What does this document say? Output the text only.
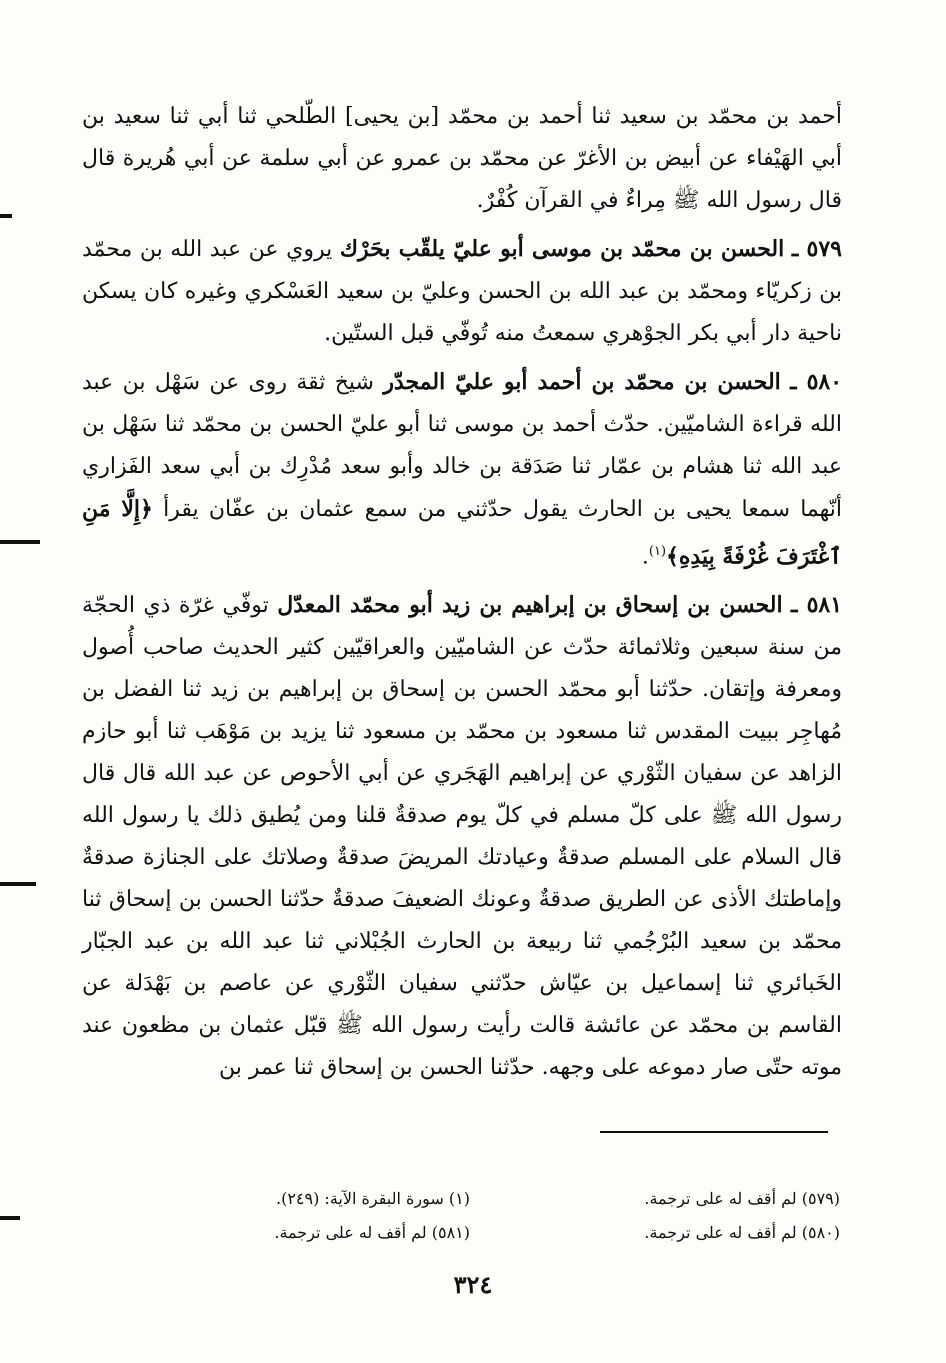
أحمد بن محمّد بن سعيد ثنا أحمد بن محمّد [بن يحيى] الطّلحي ثنا أبي ثنا سعيد بن أبي الهَيْفاء عن أبيض بن الأغرّ عن محمّد بن عمرو عن أبي سلمة عن أبي هُريرة قال قال رسول الله ﷺ مِراءٌ في القرآن كُفْرٌ.

٥٧٩ ـ الحسن بن محمّد بن موسى أبو عليّ يلقّب بحَرْك يروي عن عبد الله بن محمّد بن زكريّاء ومحمّد بن عبد الله بن الحسن وعليّ بن سعيد العَسْكري وغيره كان يسكن ناحية دار أبي بكر الجوْهري سمعتُ منه تُوفّي قبل الستّين.

٥٨٠ ـ الحسن بن محمّد بن أحمد أبو عليّ المجدّر شيخ ثقة روى عن سَهْل بن عبد الله قراءة الشاميّين. حدّث أحمد بن موسى ثنا أبو عليّ الحسن بن محمّد ثنا سَهْل بن عبد الله ثنا هشام بن عمّار ثنا صَدَقة بن خالد وأبو سعد مُدْرِك بن أبي سعد الفَزاري أنّهما سمعا يحيى بن الحارث يقول حدّثني من سمع عثمان بن عفّان يقرأ ﴿إِلَّا مَنِ ٱغْتَرَفَ غُرْفَةً بِيَدِهِ﴾$^{(١)}$.

٥٨١ ـ الحسن بن إسحاق بن إبراهيم بن زيد أبو محمّد المعدّل توفّي غرّة ذي الحجّة من سنة سبعين وثلاثمائة حدّث عن الشاميّين والعراقيّين كثير الحديث صاحب أُصول ومعرفة وإتقان. حدّثنا أبو محمّد الحسن بن إسحاق بن إبراهيم بن زيد ثنا الفضل بن مُهاجِر ببيت المقدس ثنا مسعود بن محمّد بن مسعود ثنا يزيد بن مَوْهَب ثنا أبو حازم الزاهد عن سفيان الثّوْري عن إبراهيم الهَجَري عن أبي الأحوص عن عبد الله قال قال رسول الله ﷺ على كلّ مسلم في كلّ يوم صدقةٌ قلنا ومن يُطيق ذلك يا رسول الله قال السلام على المسلم صدقةٌ وعيادتك المريضَ صدقةٌ وصلاتك على الجنازة صدقةٌ وإماطتك الأذى عن الطريق صدقةٌ وعونك الضعيفَ صدقةٌ حدّثنا الحسن بن إسحاق ثنا محمّد بن سعيد البُرْجُمي ثنا ربيعة بن الحارث الجُبْلاني ثنا عبد الله بن عبد الجبّار الخَبائري ثنا إسماعيل بن عيّاش حدّثني سفيان الثّوْري عن عاصم بن بَهْدَلة عن القاسم بن محمّد عن عائشة قالت رأيت رسول الله ﷺ قبّل عثمان بن مظعون عند موته حتّى صار دموعه على وجهه. حدّثنا الحسن بن إسحاق ثنا عمر بن

(٥٧٩) لم أقف له على ترجمة.
(٥٨٠) لم أقف له على ترجمة.
(١) سورة البقرة الآية: (٢٤٩).
(٥٨١) لم أقف له على ترجمة.
٣٢٤
